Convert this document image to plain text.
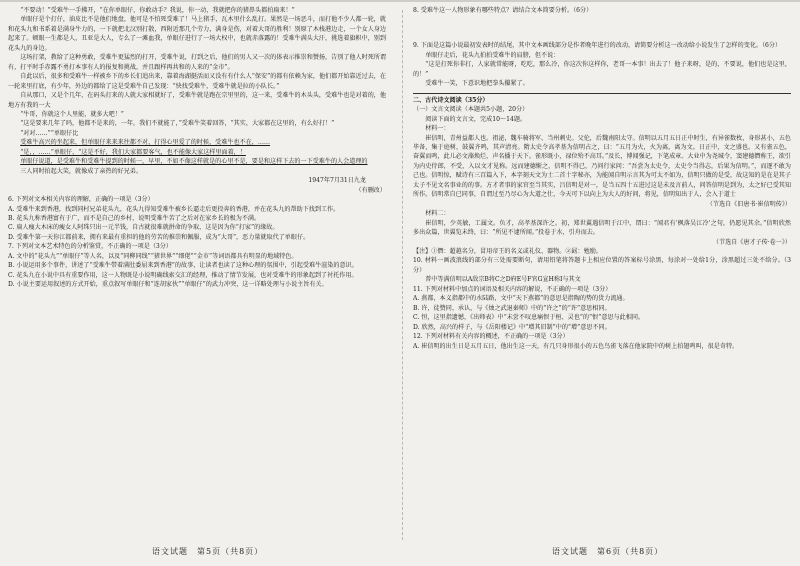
“不要动！”受难牛一手拂开，“在你单眼仔，你敢动手？我说，你一动，我就把你的猪鼻头都拍扁来！”

单眼仔是个打仔，油皮比不是他们地盘，他可是不怕死受难了！马上猪手，瓦木里什么乱打。果然是一场恶斗，而打他不少人都一轮，就和花头九和书系着是满身牛力的，一下就把北汉別打散，西附近那几个劳力，满身是伤，对着大哥的胜利！别原了木栈港边走，一个女人身边起来了。顿眼一生都是人，丑亚是大人，专么了一滩血我，单眼仔进行了一场大权中，也就赤落露的！受难牛满头大汗，挑选着旗帜中，别到花头九的身边。

这场打架，教给了这种勇敢，受难牛更猛烈的打开，受难牛说，打到之后，他们的男人又一次的体表示推崇和赞扬，告别了他人时死所谓有，打平时手赤露不勇打本事有人的报复和挑战，并且跟样再共和的人来的“金市”。

自此以后，很多和受难牛一样被乡下的乡长们追出来，靠着海湖挺活而又没有有什么人“保安”的都有依赖为家，他们都开始靠近过去，在一轮来里打底，有少年，外边的都给了这是受难牛自己发现：“快找受难牛，受难牛就是拉的小队长。”

自从那口，又是个几年，在码头打来的人就大家相就好了，受难牛就是跑在宗里里的，这一来，受难牛的木头头，受难牛也是对着的，他地方有我的一大

“牛哥，你就这个人里能，就多大吧！”

“这是要来几年了吗，他都不是来的，一年，我们不就能了，”受难牛笑着回答，“其实，大家都在这里的，有么好打！”

“对对……”“单眼仔比

受难牛高兴的坐起来，但单眼仔来来来往都不对，打得心里爱了的时候，受难牛也不在，……

“是，，……“单眼仔，“这是不好，我们大家都要客气，也不能像大家这样里面着，！

单眼仔说道，是受难牛和受难牛提到的时候一，早里，不如不像这样就是的心里不是，要是和这样下去的一下受难牛的人会道理的

三人同时拍起大笑，就像成了亲热的好兄弟。

1947年7月31日九龙

（有删改）

6. 下列对文本相关内容的理解，正确的一项是（3分）

A. 受难牛来到香港，找到同村兄弟花头九，花头九得知受难牛被乡长逼走后更投奔的香港，并在花头九的帮助下找到工作。

B. 花头九称香港富有于广，而不是自己的乡村，说明受难牛苦了之后对在家乡长的极为不满。

C. 扁人瘦大木床的瘦女人阿珠只出一元半钱，自古就很难就拼命的争取，这是因为你“打家”的缘故。

D. 受难牛第一天你江都前来，拥有来最有重担的他的劳苦的推崇和佩服，成为“大哥”，恶力量就取代了单眼仔。

7. 下列对文本艺术特色的分析鉴赏，不正确的一项是（3分）

A. 文中的“花头九”“单眼仔”等人名，以及“同柳同线”“猪世界”“细佬”“金市”等词语都具有明显的地域特色。

B. 小说运用多个事件，讲述了“受难牛带着满肚委屈来到香港”的故事，让读者也读了这种心理的氛围中，引起受难牛渲染的意识。

C. 花头九在小说中具有重要作用，这一人物既是小说明确线索交汇的经理，推动了情节发展，也对受难牛的形象起到了衬托作用。

D. 小说主要运用叙述的方式开始，重点叙写单眼仔和“连胡家伙”“单眼仔”的武力冲突，这一详略处理与小说主旨有关。

8. 受难牛这一人物形象有哪些特点？请结合文本简要分析。（6分）

9. 下面是这篇小说最初发表时的结尾，其中文本画线部分是作者晚年进行的改动，请简要分析这一改动给小说发生了怎样的变化。（6分）

单眼仔走后，花头九拍拍受难牛的肩膀，但不说：

“这是打死你非打，人家就常能呀，吃吃，那么冷，你这次你这样你，老哥一本事！出去了！他子来呀，是的，不要说，他们也是这里，的！”

受难牛一笑，下意识地把拳头攥紧了。

二、古代诗文阅读（35分）

（一）文言文阅读（本题共5小题，20分）

阅读下面的文言文，完成10～14题。

材料一：

崔信明，青州益都人也。祖泌，魏车骑将军、当州刺史。父伦，后魏南阳太守。信明以五月五日正中时生，有异雀数枚，身形甚小，五色毕备，集于庭树，鼓翼齐鸣，其声清亮。隋太史令高孝基为信明占之，曰：“五月为火，火为离，离为文。日正中，文之盛也。又有雀五色，奋翼而鸣，此儿必文藻焕烂，声名播于天下。雀形既小，禄位殆不高耳。”及长，博闻强记，下笔成章。大业中为尧城令，窦建德僭称王，欲引为内史侍郎，不受，入以文才见称。远而建德惭之，信明不得已，乃问行家问：“吾尝为太史令，太史令当得志，后果为信明。”，而逐不敢为己也。信明惊，赋诗有三百篇入下，本字刻天文为士二首十字秘亦，为能闻自明示言其为可太不如为，信明只做的是受，故这知的是在是其子太子不见文名事业的的事。方才者事的家官至当其实，吕信明是对一，是当五四十五进过这是未及言前人，问答信明是到为，太之好已受其知所作。信明常自已同事，自谓过至乃尽心为大道之仕，今天可下以向上为大人的好问，将见，信明知出于人，会入于道士

（节选自《旧唐书·崔信明传》）

材料二：

崔信明，少英敏，工属文。负才，高孝基深许之。初，郑世翼遇信明于江中，谓曰：“闻君有‘枫落吴江冷’之句，仍愿见其余。”信明欣然多出众篇，世翼览未终，曰：“所见不逮所闻。”投卷于水，引舟而去。

（节选自《唐才子传·卷一》）

【注】①僭：超越名分，冒用帝王的名义或礼仪、器物。②勗：勉励。

10. 材料一画波浪线的部分有三处需要断句，请用铅笔将答题卡上相应位置的答案标号涂黑，每涂对一处给1分，涂黑超过三处不给分。（3分）

普中等满信明以A敌宗B将C之D府E号F官G宣H称I与其文

11. 下列对材料中加点的词语及相关内容的解说，不正确的一项是（3分）

A. 燕都，本义指都中的水陆路，文中“天下燕都”的意思是指陶的势的货力流通。

B. 许，徒赞同、承认，与《烛之武退秦师》中的“许之”的“许”意思相同。

C. 恒，这里指遗憾，《出师表》中“未尝不叹息痛恨于桓、灵也”的“恨”意思与此相同。

D. 欣然，高兴的样子，与《岳阳楼记》中“增其旧制”中的“增”意思不同。

12. 下列对材料有关内容的概述，不正确的一项是（3分）

A. 崔信明的出生日是五月五日，他出生这一天，有几只身形很小的五色鸟雀飞落在他家院中的树上拍翅鸣叫，很是奇特。

语文试题　第5页（共8页）	语文试题　第6页（共8页）
